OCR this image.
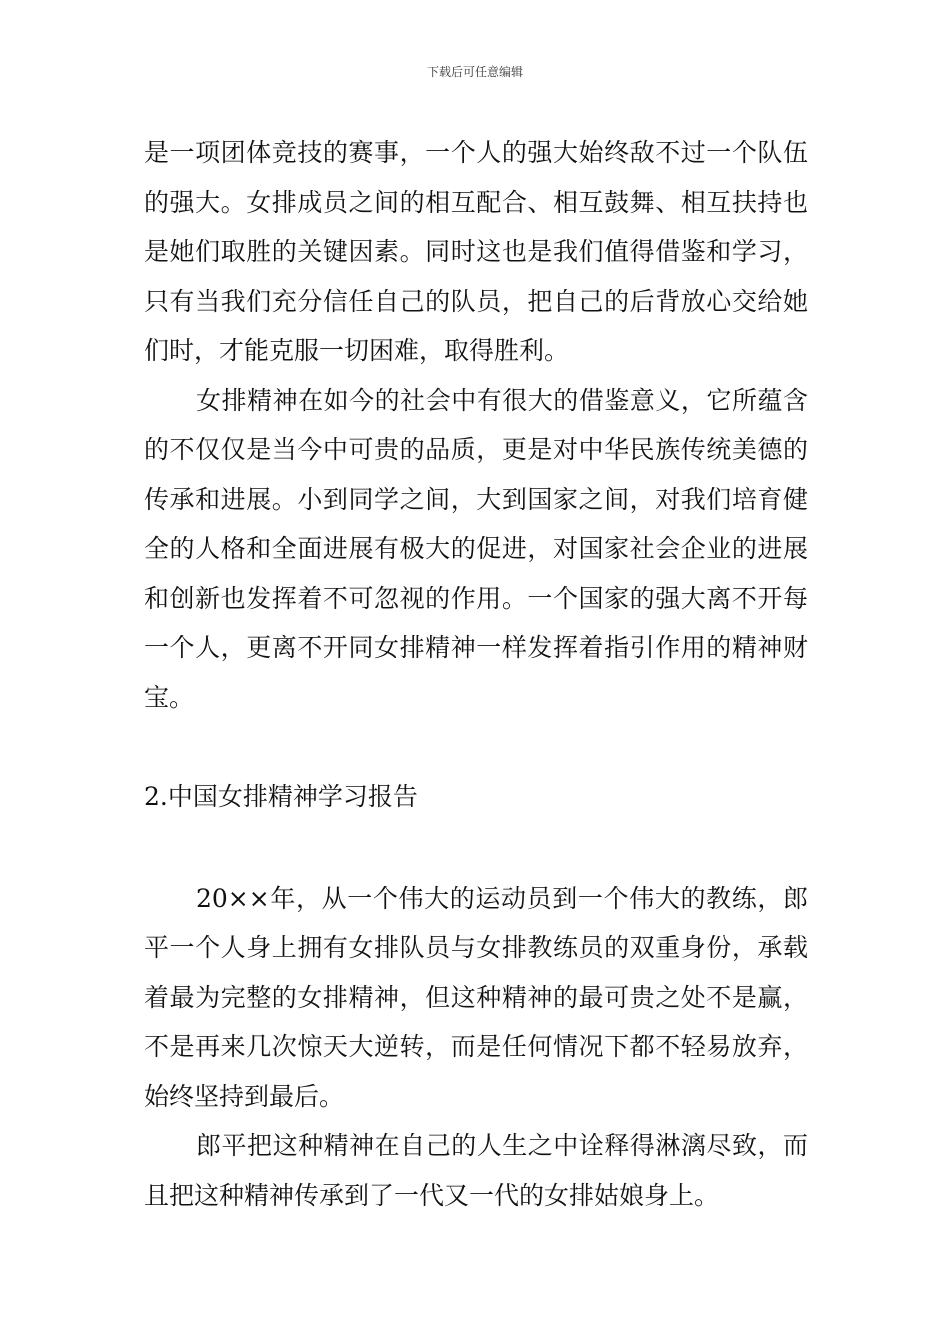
下载后可任意编辑

是一项团体竞技的赛事，一个人的强大始终敌不过一个队伍的强大。女排成员之间的相互配合、相互鼓舞、相互扶持也是她们取胜的关键因素。同时这也是我们值得借鉴和学习，只有当我们充分信任自己的队员，把自己的后背放心交给她们时，才能克服一切困难，取得胜利。

女排精神在如今的社会中有很大的借鉴意义，它所蕴含的不仅仅是当今中可贵的品质，更是对中华民族传统美德的传承和进展。小到同学之间，大到国家之间，对我们培育健全的人格和全面进展有极大的促进，对国家社会企业的进展和创新也发挥着不可忽视的作用。一个国家的强大离不开每一个人，更离不开同女排精神一样发挥着指引作用的精神财宝。

2.中国女排精神学习报告

20××年，从一个伟大的运动员到一个伟大的教练，郎平一个人身上拥有女排队员与女排教练员的双重身份，承载着最为完整的女排精神，但这种精神的最可贵之处不是赢，不是再来几次惊天大逆转，而是任何情况下都不轻易放弃，始终坚持到最后。

郎平把这种精神在自己的人生之中诠释得淋漓尽致，而且把这种精神传承到了一代又一代的女排姑娘身上。
